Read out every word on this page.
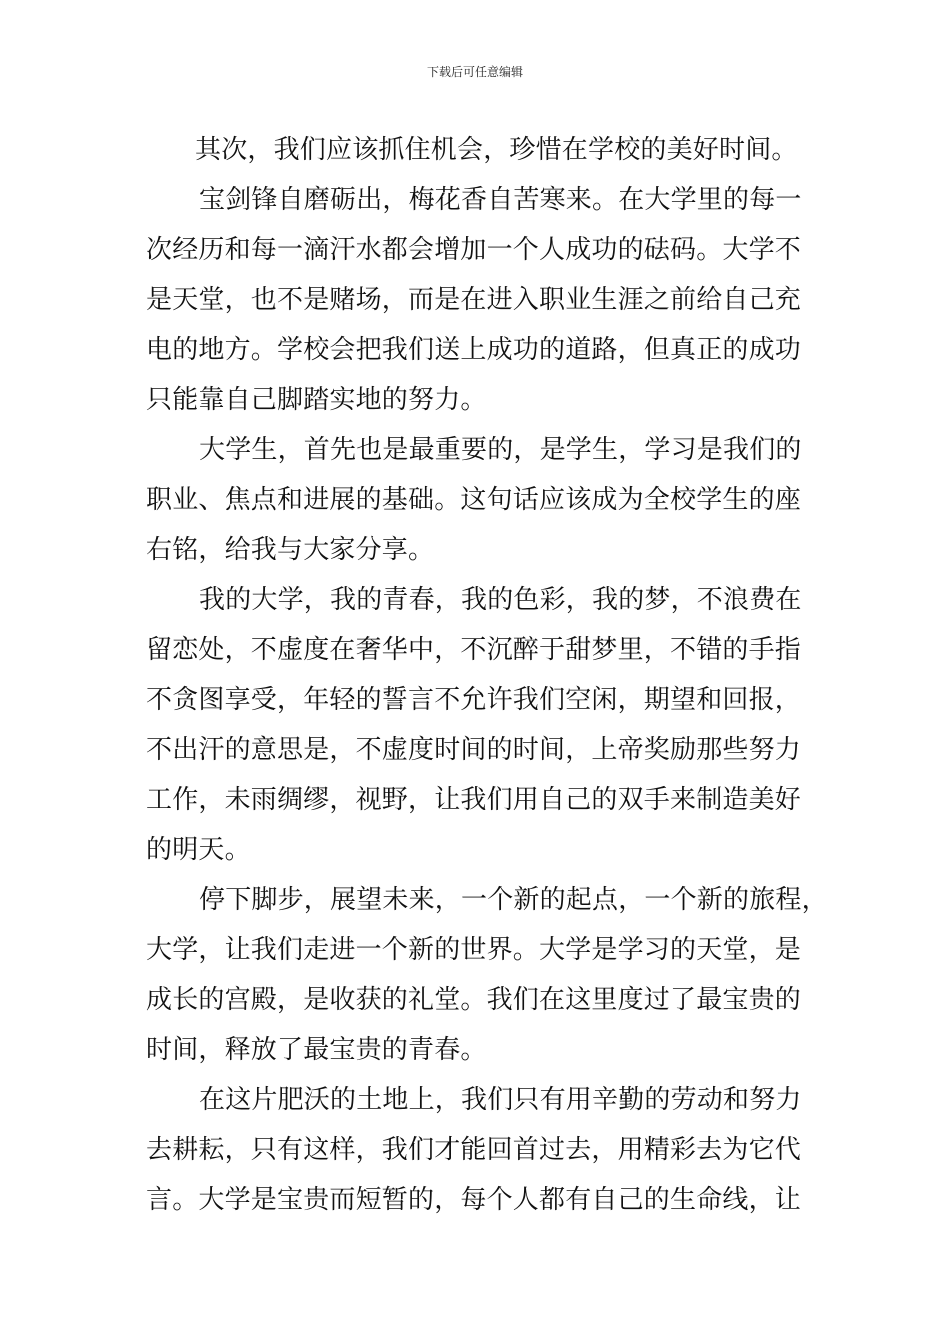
下载后可任意编辑
其次，我们应该抓住机会，珍惜在学校的美好时间。
宝剑锋自磨砺出，梅花香自苦寒来。在大学里的每一
次经历和每一滴汗水都会增加一个人成功的砝码。大学不
是天堂，也不是赌场，而是在进入职业生涯之前给自己充
电的地方。学校会把我们送上成功的道路，但真正的成功
只能靠自己脚踏实地的努力。
大学生，首先也是最重要的，是学生，学习是我们的
职业、焦点和进展的基础。这句话应该成为全校学生的座
右铭，给我与大家分享。
我的大学，我的青春，我的色彩，我的梦，不浪费在
留恋处，不虚度在奢华中，不沉醉于甜梦里，不错的手指
不贪图享受，年轻的誓言不允许我们空闲，期望和回报，
不出汗的意思是，不虚度时间的时间，上帝奖励那些努力
工作，未雨绸缪，视野，让我们用自己的双手来制造美好
的明天。
停下脚步，展望未来，一个新的起点，一个新的旅程，
大学，让我们走进一个新的世界。大学是学习的天堂，是
成长的宫殿，是收获的礼堂。我们在这里度过了最宝贵的
时间，释放了最宝贵的青春。
在这片肥沃的土地上，我们只有用辛勤的劳动和努力
去耕耘，只有这样，我们才能回首过去，用精彩去为它代
言。大学是宝贵而短暂的，每个人都有自己的生命线，让
